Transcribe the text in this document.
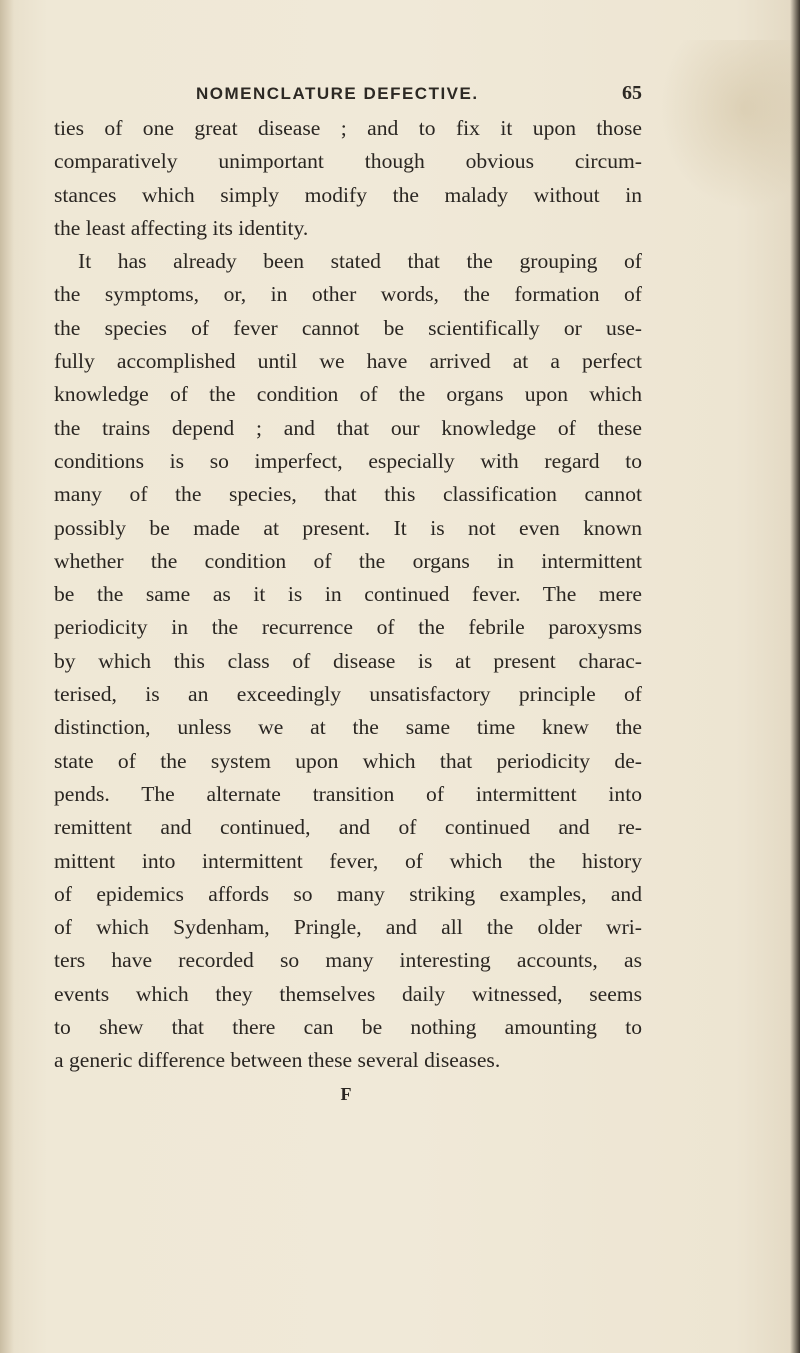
NOMENCLATURE DEFECTIVE.	65
ties of one great disease ; and to fix it upon those
comparatively unimportant though obvious circum-
stances which simply modify the malady without in
the least affecting its identity.
It has already been stated that the grouping of
the symptoms, or, in other words, the formation of
the species of fever cannot be scientifically or use-
fully accomplished until we have arrived at a perfect
knowledge of the condition of the organs upon which
the trains depend ; and that our knowledge of these
conditions is so imperfect, especially with regard to
many of the species, that this classification cannot
possibly be made at present. It is not even known
whether the condition of the organs in intermittent
be the same as it is in continued fever. The mere
periodicity in the recurrence of the febrile paroxysms
by which this class of disease is at present charac-
terised, is an exceedingly unsatisfactory principle of
distinction, unless we at the same time knew the
state of the system upon which that periodicity de-
pends. The alternate transition of intermittent into
remittent and continued, and of continued and re-
mittent into intermittent fever, of which the history
of epidemics affords so many striking examples, and
of which Sydenham, Pringle, and all the older wri-
ters have recorded so many interesting accounts, as
events which they themselves daily witnessed, seems
to shew that there can be nothing amounting to
a generic difference between these several diseases.
F
